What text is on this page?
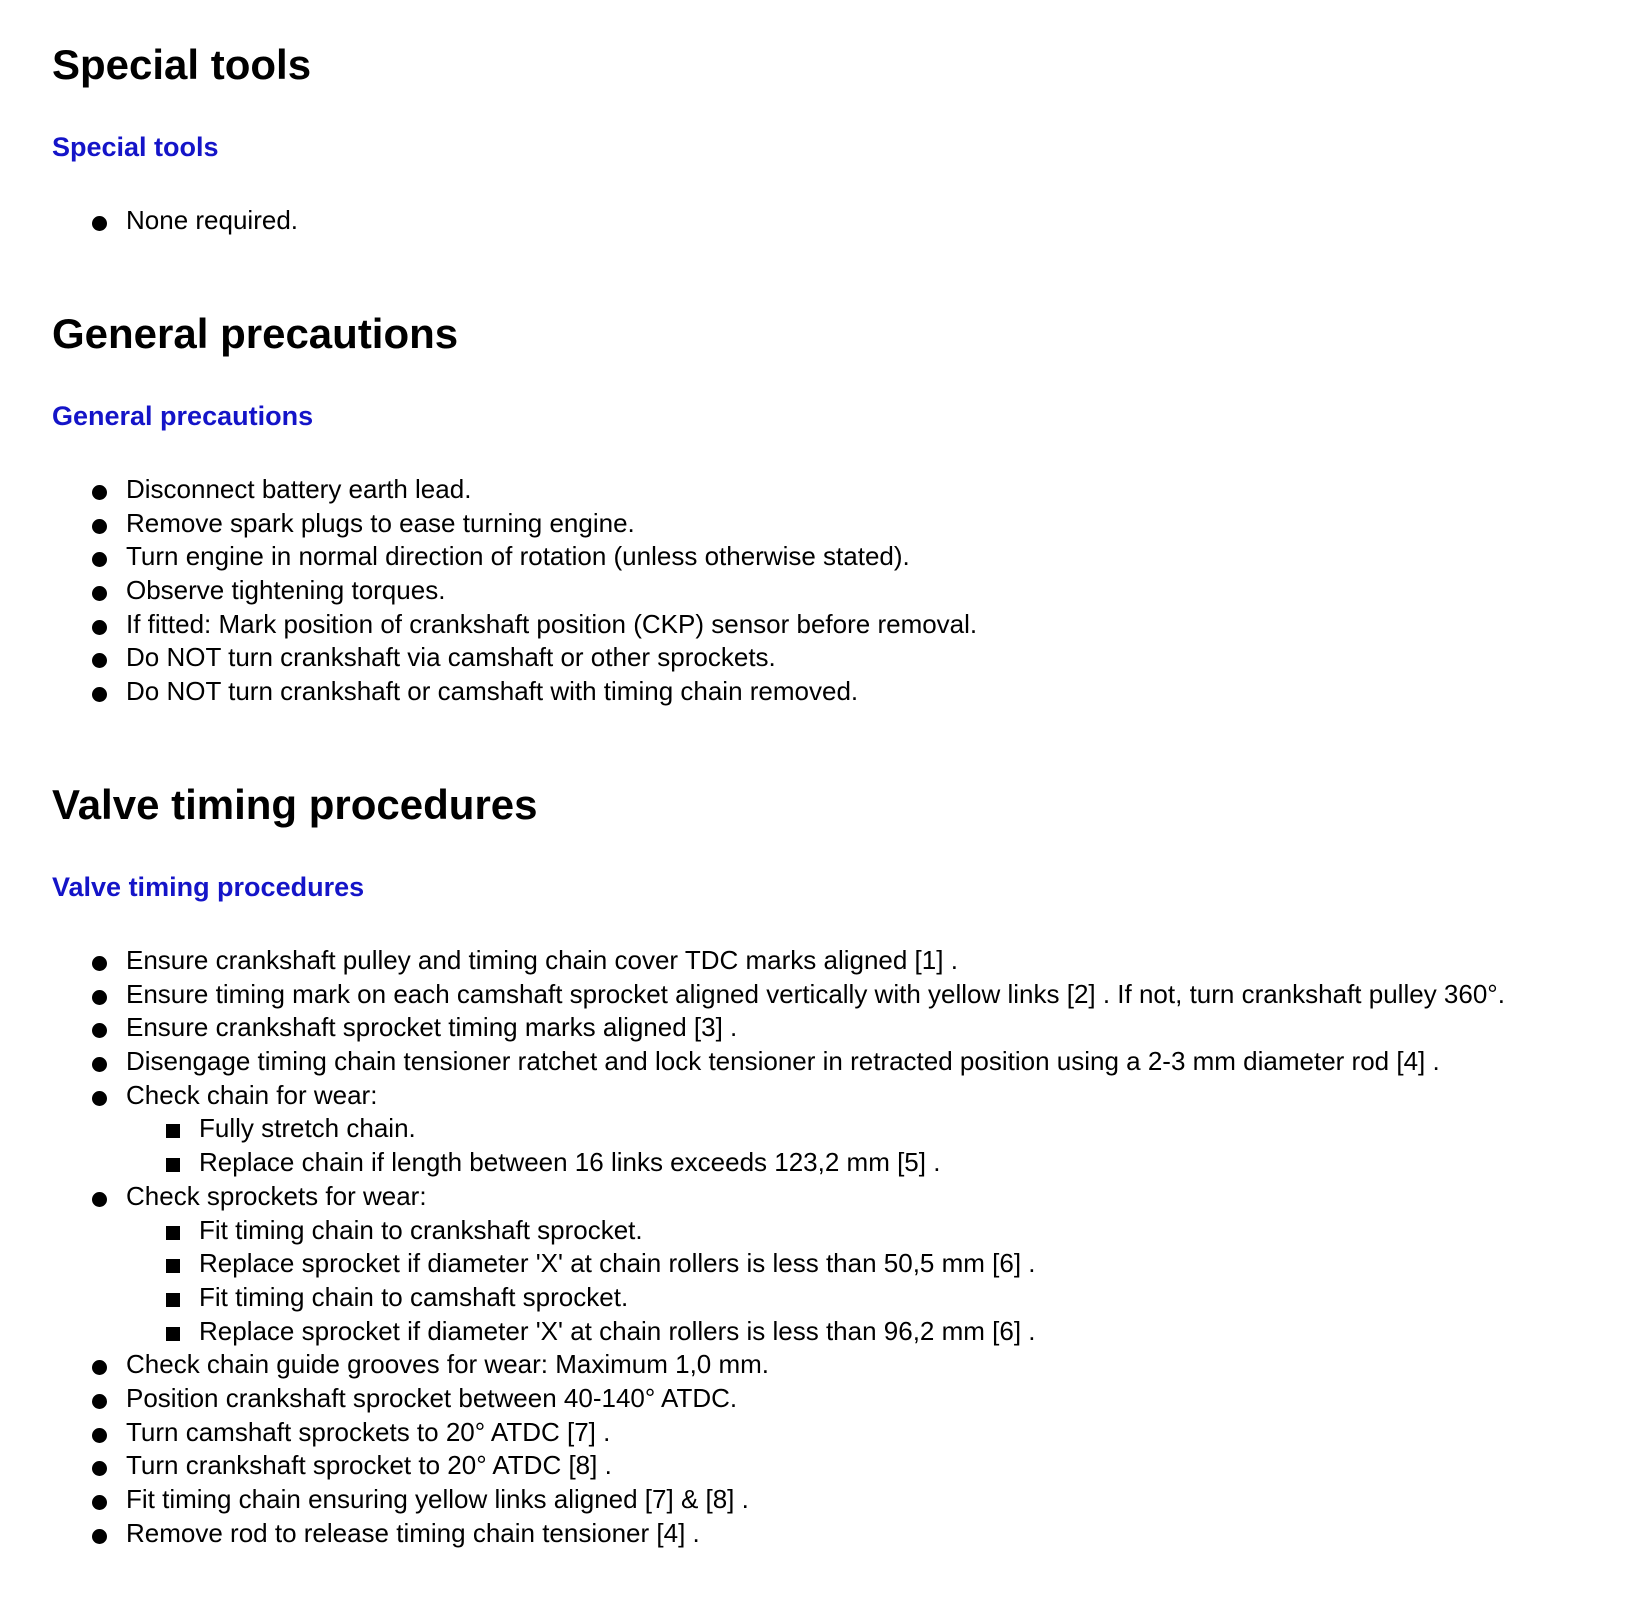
Special tools
Special tools
None required.
General precautions
General precautions
Disconnect battery earth lead.
Remove spark plugs to ease turning engine.
Turn engine in normal direction of rotation (unless otherwise stated).
Observe tightening torques.
If fitted: Mark position of crankshaft position (CKP) sensor before removal.
Do NOT turn crankshaft via camshaft or other sprockets.
Do NOT turn crankshaft or camshaft with timing chain removed.
Valve timing procedures
Valve timing procedures
Ensure crankshaft pulley and timing chain cover TDC marks aligned [1] .
Ensure timing mark on each camshaft sprocket aligned vertically with yellow links [2] . If not, turn crankshaft pulley 360°.
Ensure crankshaft sprocket timing marks aligned [3] .
Disengage timing chain tensioner ratchet and lock tensioner in retracted position using a 2-3 mm diameter rod [4] .
Check chain for wear:
Fully stretch chain.
Replace chain if length between 16 links exceeds 123,2 mm [5] .
Check sprockets for wear:
Fit timing chain to crankshaft sprocket.
Replace sprocket if diameter 'X' at chain rollers is less than 50,5 mm [6] .
Fit timing chain to camshaft sprocket.
Replace sprocket if diameter 'X' at chain rollers is less than 96,2 mm [6] .
Check chain guide grooves for wear: Maximum 1,0 mm.
Position crankshaft sprocket between 40-140° ATDC.
Turn camshaft sprockets to 20° ATDC [7] .
Turn crankshaft sprocket to 20° ATDC [8] .
Fit timing chain ensuring yellow links aligned [7] & [8] .
Remove rod to release timing chain tensioner [4] .
